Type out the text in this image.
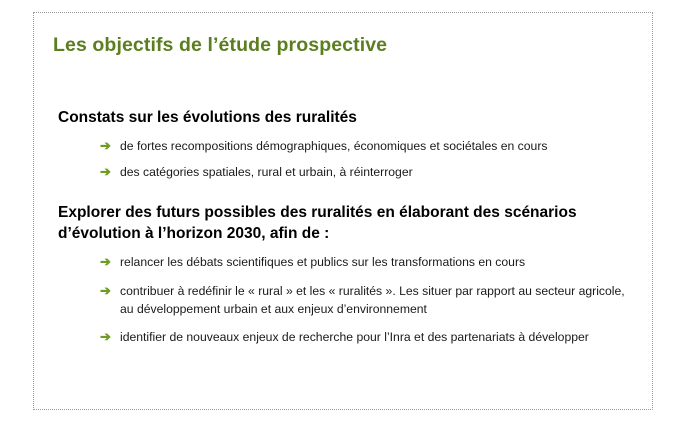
Les objectifs de l’étude prospective
Constats sur les évolutions des ruralités
➔ de fortes recompositions démographiques, économiques et sociétales en cours
➔ des catégories spatiales, rural et urbain, à réinterroger
Explorer des futurs possibles des ruralités en élaborant des scénarios d’évolution à l’horizon 2030, afin de :
➔ relancer les débats scientifiques et publics sur les transformations en cours
➔ contribuer à redéfinir le « rural » et les « ruralités ». Les situer par rapport au secteur agricole, au développement urbain et aux enjeux d’environnement
➔ identifier de nouveaux enjeux de recherche pour l’Inra et des partenariats à développer
